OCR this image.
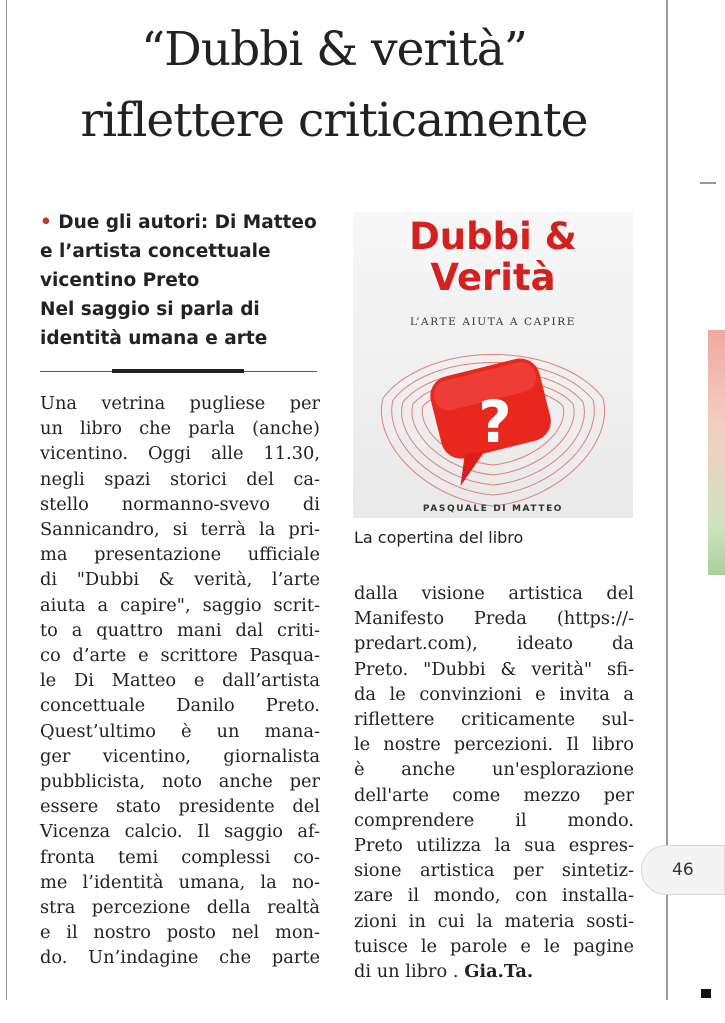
“Dubbi & verità”
riflettere criticamente
• Due gli autori: Di Matteo
e l’artista concettuale
vicentino Preto
Nel saggio si parla di
identità umana e arte
Una vetrina pugliese per
un libro che parla (anche)
vicentino. Oggi alle 11.30,
negli spazi storici del ca-
stello normanno-svevo di
Sannicandro, si terrà la pri-
ma presentazione ufficiale
di "Dubbi & verità, l’arte
aiuta a capire", saggio scrit-
to a quattro mani dal criti-
co d’arte e scrittore Pasqua-
le Di Matteo e dall’artista
concettuale Danilo Preto.
Quest’ultimo è un mana-
ger vicentino, giornalista
pubblicista, noto anche per
essere stato presidente del
Vicenza calcio. Il saggio af-
fronta temi complessi co-
me l’identità umana, la no-
stra percezione della realtà
e il nostro posto nel mon-
do. Un’indagine che parte
Dubbi &
Verità
L’ARTE AIUTA A CAPIRE
?
PASQUALE DI MATTEO
La copertina del libro
dalla visione artistica del
Manifesto Preda (https://-
predart.com), ideato da
Preto. "Dubbi & verità" sfi-
da le convinzioni e invita a
riflettere criticamente sul-
le nostre percezioni. Il libro
è anche un'esplorazione
dell'arte come mezzo per
comprendere il mondo.
Preto utilizza la sua espres-
sione artistica per sintetiz-
zare il mondo, con installa-
zioni in cui la materia sosti-
tuisce le parole e le pagine
di un libro . Gia.Ta.
46
